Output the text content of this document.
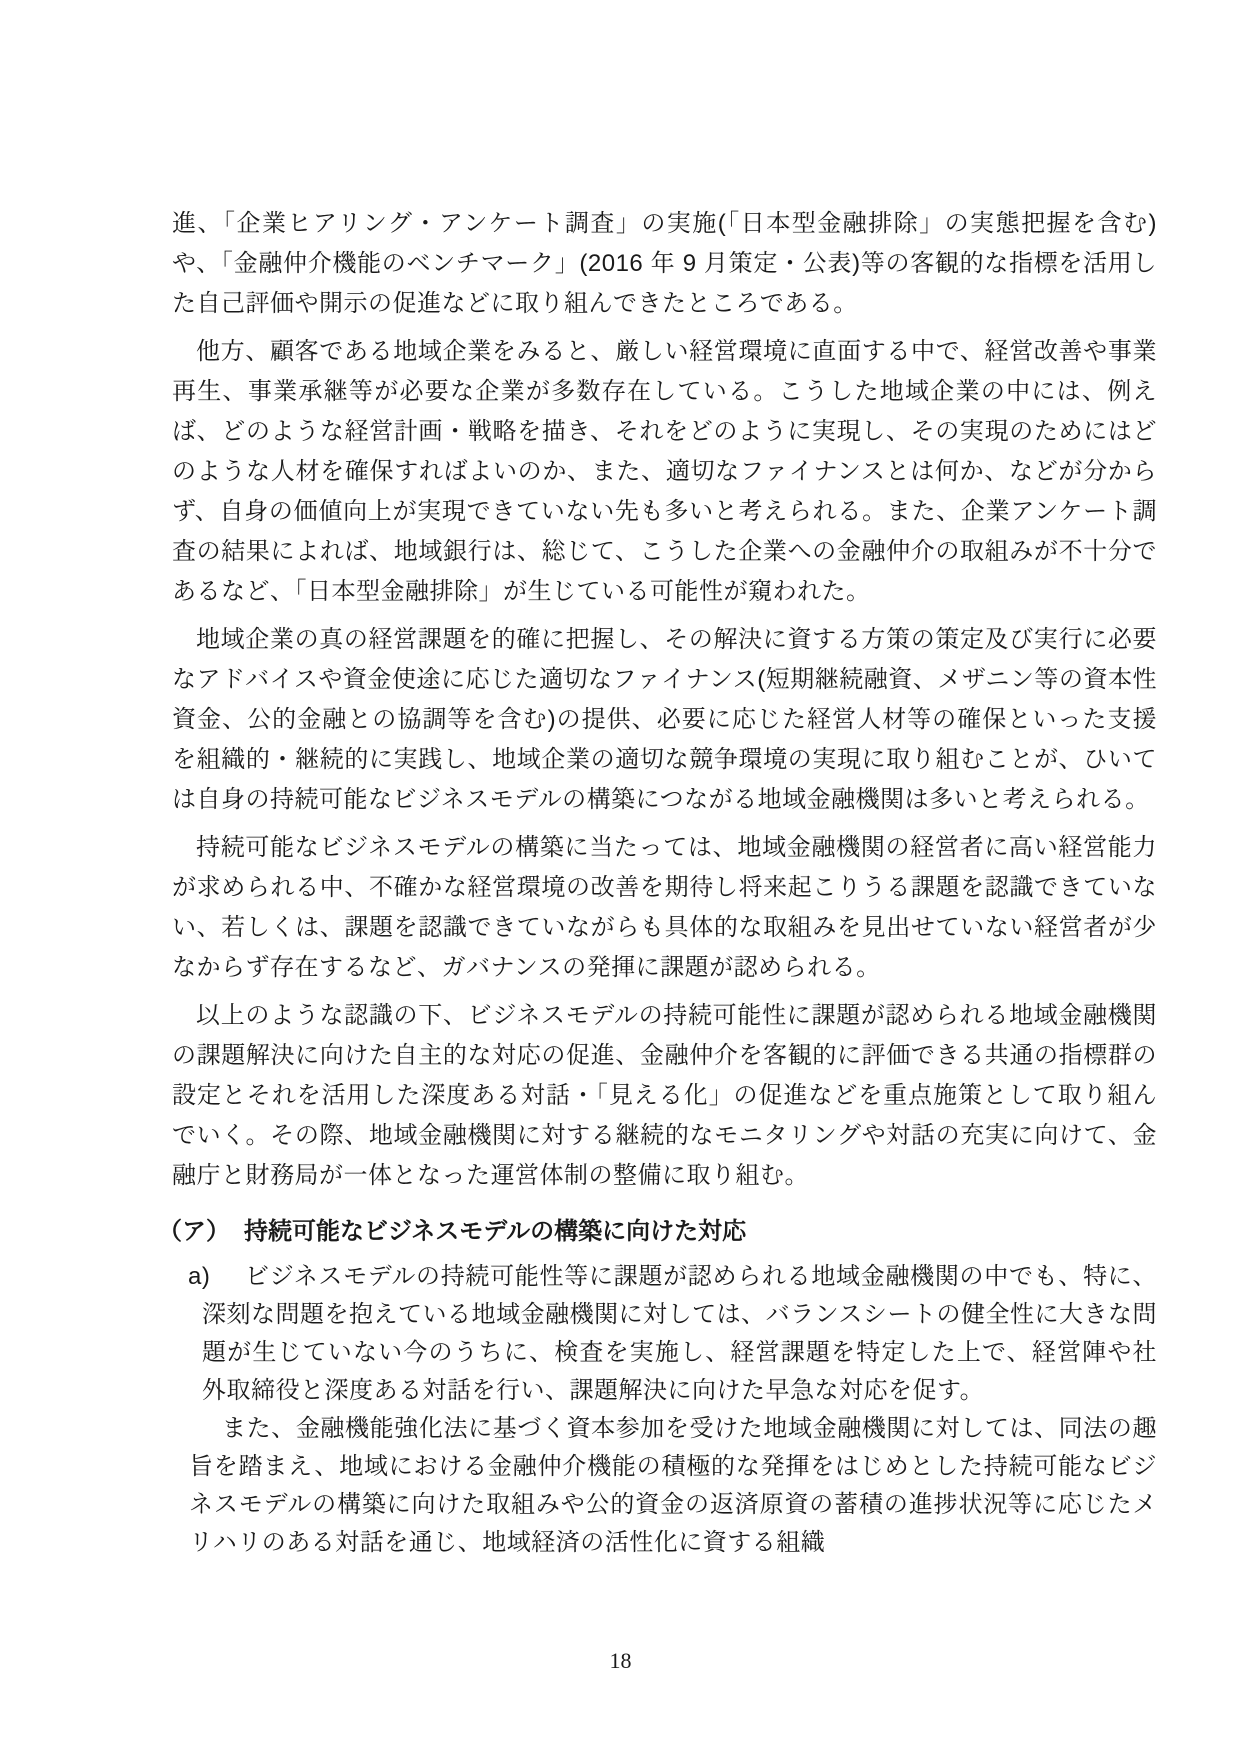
進、「企業ヒアリング・アンケート調査」の実施(「日本型金融排除」の実態把握を含む)や、「金融仲介機能のベンチマーク」(2016 年 9 月策定・公表)等の客観的な指標を活用した自己評価や開示の促進などに取り組んできたところである。

他方、顧客である地域企業をみると、厳しい経営環境に直面する中で、経営改善や事業再生、事業承継等が必要な企業が多数存在している。こうした地域企業の中には、例えば、どのような経営計画・戦略を描き、それをどのように実現し、その実現のためにはどのような人材を確保すればよいのか、また、適切なファイナンスとは何か、などが分からず、自身の価値向上が実現できていない先も多いと考えられる。また、企業アンケート調査の結果によれば、地域銀行は、総じて、こうした企業への金融仲介の取組みが不十分であるなど、「日本型金融排除」が生じている可能性が窺われた。

地域企業の真の経営課題を的確に把握し、その解決に資する方策の策定及び実行に必要なアドバイスや資金使途に応じた適切なファイナンス(短期継続融資、メザニン等の資本性資金、公的金融との協調等を含む)の提供、必要に応じた経営人材等の確保といった支援を組織的・継続的に実践し、地域企業の適切な競争環境の実現に取り組むことが、ひいては自身の持続可能なビジネスモデルの構築につながる地域金融機関は多いと考えられる。

持続可能なビジネスモデルの構築に当たっては、地域金融機関の経営者に高い経営能力が求められる中、不確かな経営環境の改善を期待し将来起こりうる課題を認識できていない、若しくは、課題を認識できていながらも具体的な取組みを見出せていない経営者が少なからず存在するなど、ガバナンスの発揮に課題が認められる。

以上のような認識の下、ビジネスモデルの持続可能性に課題が認められる地域金融機関の課題解決に向けた自主的な対応の促進、金融仲介を客観的に評価できる共通の指標群の設定とそれを活用した深度ある対話・「見える化」の促進などを重点施策として取り組んでいく。その際、地域金融機関に対する継続的なモニタリングや対話の充実に向けて、金融庁と財務局が一体となった運営体制の整備に取り組む。

（ア） 持続可能なビジネスモデルの構築に向けた対応

a) ビジネスモデルの持続可能性等に課題が認められる地域金融機関の中でも、特に、深刻な問題を抱えている地域金融機関に対しては、バランスシートの健全性に大きな問題が生じていない今のうちに、検査を実施し、経営課題を特定した上で、経営陣や社外取締役と深度ある対話を行い、課題解決に向けた早急な対応を促す。

また、金融機能強化法に基づく資本参加を受けた地域金融機関に対しては、同法の趣旨を踏まえ、地域における金融仲介機能の積極的な発揮をはじめとした持続可能なビジネスモデルの構築に向けた取組みや公的資金の返済原資の蓄積の進捗状況等に応じたメリハリのある対話を通じ、地域経済の活性化に資する組織

18
